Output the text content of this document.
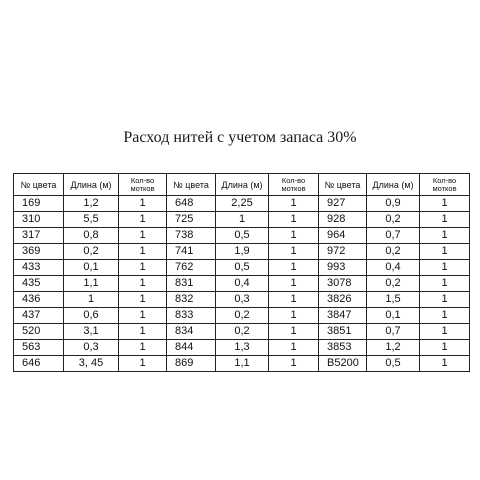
Расход нитей с учетом запаса 30%
№ цвета	Длина (м)	Кол-во мотков	№ цвета	Длина (м)	Кол-во мотков	№ цвета	Длина (м)	Кол-во мотков
169	1,2	1	648	2,25	1	927	0,9	1
310	5,5	1	725	1	1	928	0,2	1
317	0,8	1	738	0,5	1	964	0,7	1
369	0,2	1	741	1,9	1	972	0,2	1
433	0,1	1	762	0,5	1	993	0,4	1
435	1,1	1	831	0,4	1	3078	0,2	1
436	1	1	832	0,3	1	3826	1,5	1
437	0,6	1	833	0,2	1	3847	0,1	1
520	3,1	1	834	0,2	1	3851	0,7	1
563	0,3	1	844	1,3	1	3853	1,2	1
646	3, 45	1	869	1,1	1	B5200	0,5	1
